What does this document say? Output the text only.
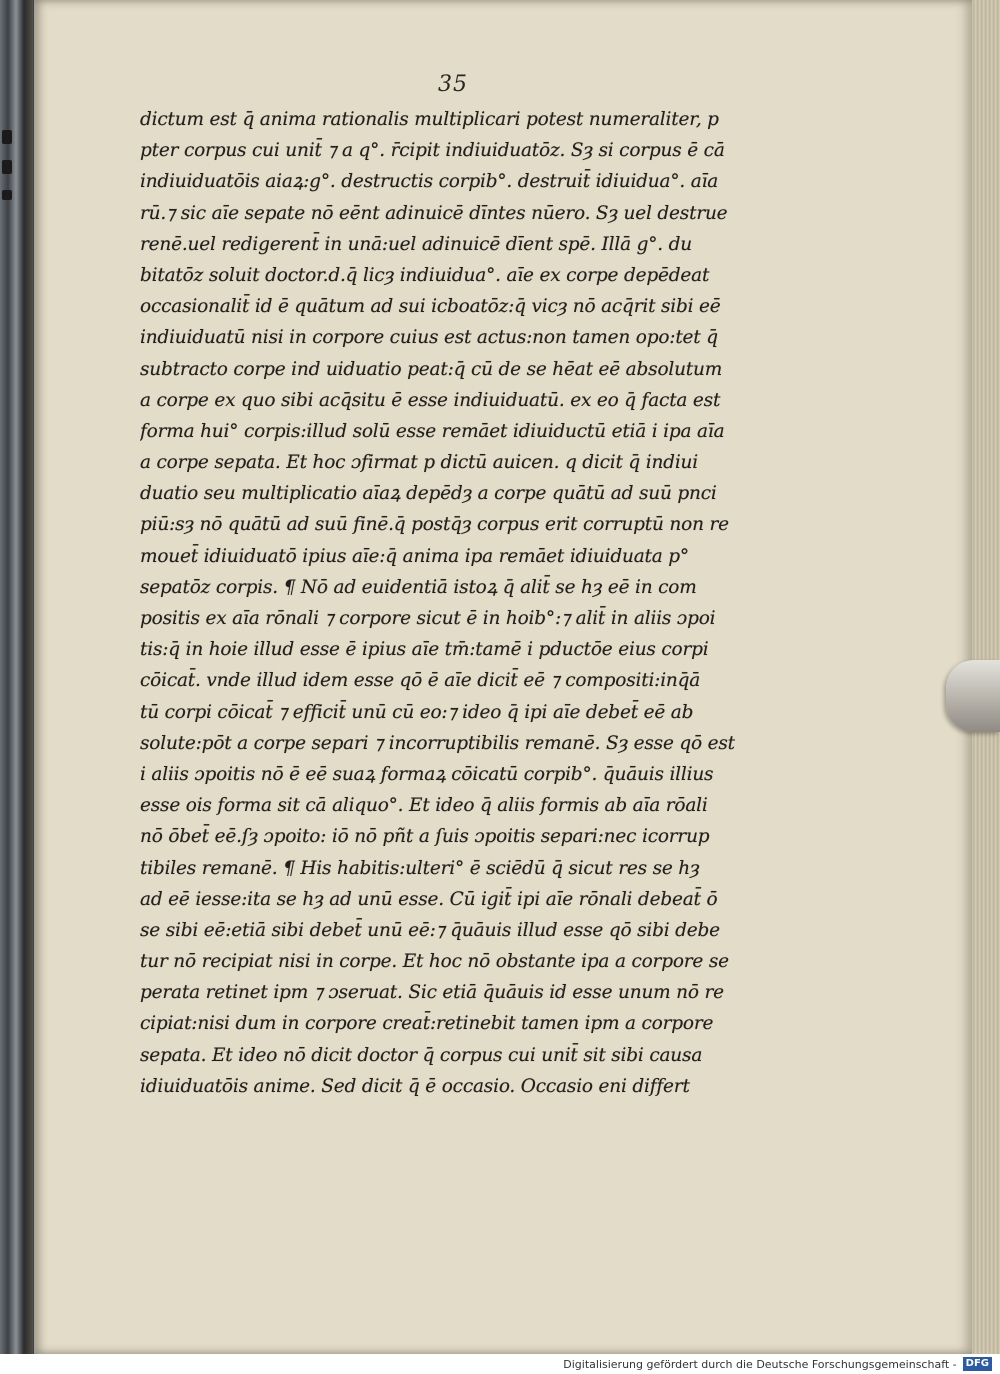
35
dictum est q̄ anima rationalis multiplicari potest numeraliter, p
pter corpus cui unit̄ ⁊ a q°. r̄cipit indiuiduatōz. Sȝ si corpus ē cā
indiuiduatōis aiaꝝ:g°. destructis corpib°. destruit̄ idiuidua°. aīa
rū.⁊ sic aīe sepate nō eēnt adinuicē dīntes nūero. Sȝ uel destrue
renē.uel redigerent̄ in unā:uel adinuicē dīent spē. Illā g°. du
bitatōz soluit doctor.d.q̄ licȝ indiuidua°. aīe ex corpe depēdeat
occasionalit̄ id ē quātum ad sui icboatōz:q̄ vicȝ nō acq̄rit sibi eē
indiuiduatū nisi in corpore cuius est actus:non tamen opo:tet q̄
subtracto corpe ind uiduatio peat:q̄ cū de se hēat eē absolutum
a corpe ex quo sibi acq̄situ ē esse indiuiduatū. ex eo q̄ facta est
forma hui° corpis:illud solū esse remāet idiuiductū etiā i ipa aīa
a corpe sepata. Et hoc ɔfirmat p dictū auicen. q dicit q̄ indiui
duatio seu multiplicatio aīaꝝ depēdȝ a corpe quātū ad suū pnci
piū:sȝ nō quātū ad suū finē.q̄ postq̄ȝ corpus erit corruptū non re
mouet̄ idiuiduatō ipius aīe:q̄ anima ipa remāet idiuiduata p°
sepatōz corpis. ¶ Nō ad euidentiā istoꝝ q̄ alit̄ se hȝ eē in com
positis ex aīa rōnali ⁊ corpore sicut ē in hoib°:⁊ alit̄ in aliis ɔpoi
tis:q̄ in hoie illud esse ē ipius aīe tm̄:tamē i pductōe eius corpi
cōicat̄. vnde illud idem esse qō ē aīe dicit̄ eē ⁊ compositi:inq̄ā
tū corpi cōicat̄ ⁊ efficit̄ unū cū eo:⁊ ideo q̄ ipi aīe debet̄ eē ab
solute:pōt a corpe separi ⁊ incorruptibilis remanē. Sȝ esse qō est
i aliis ɔpoitis nō ē eē suaꝝ formaꝝ cōicatū corpib°. q̄uāuis illius
esse ois forma sit cā aliquo°. Et ideo q̄ aliis formis ab aīa rōali
nō ōbet̄ eē.ſȝ ɔpoito: iō nō pñt a ſuis ɔpoitis separi:nec icorrup
tibiles remanē. ¶ His habitis:ulteri° ē sciēdū q̄ sicut res se hȝ
ad eē iesse:ita se hȝ ad unū esse. Cū igit̄ ipi aīe rōnali debeat̄ ō
se sibi eē:etiā sibi debet̄ unū eē:⁊ q̄uāuis illud esse qō sibi debe
tur nō recipiat nisi in corpe. Et hoc nō obstante ipa a corpore se
perata retinet ipm ⁊ ɔseruat. Sic etiā q̄uāuis id esse unum nō re
cipiat:nisi dum in corpore creat̄:retinebit tamen ipm a corpore
sepata. Et ideo nō dicit doctor q̄ corpus cui unit̄ sit sibi causa
idiuiduatōis anime. Sed dicit q̄ ē occasio. Occasio eni differt
Digitalisierung gefördert durch die Deutsche Forschungsgemeinschaft - DFG
